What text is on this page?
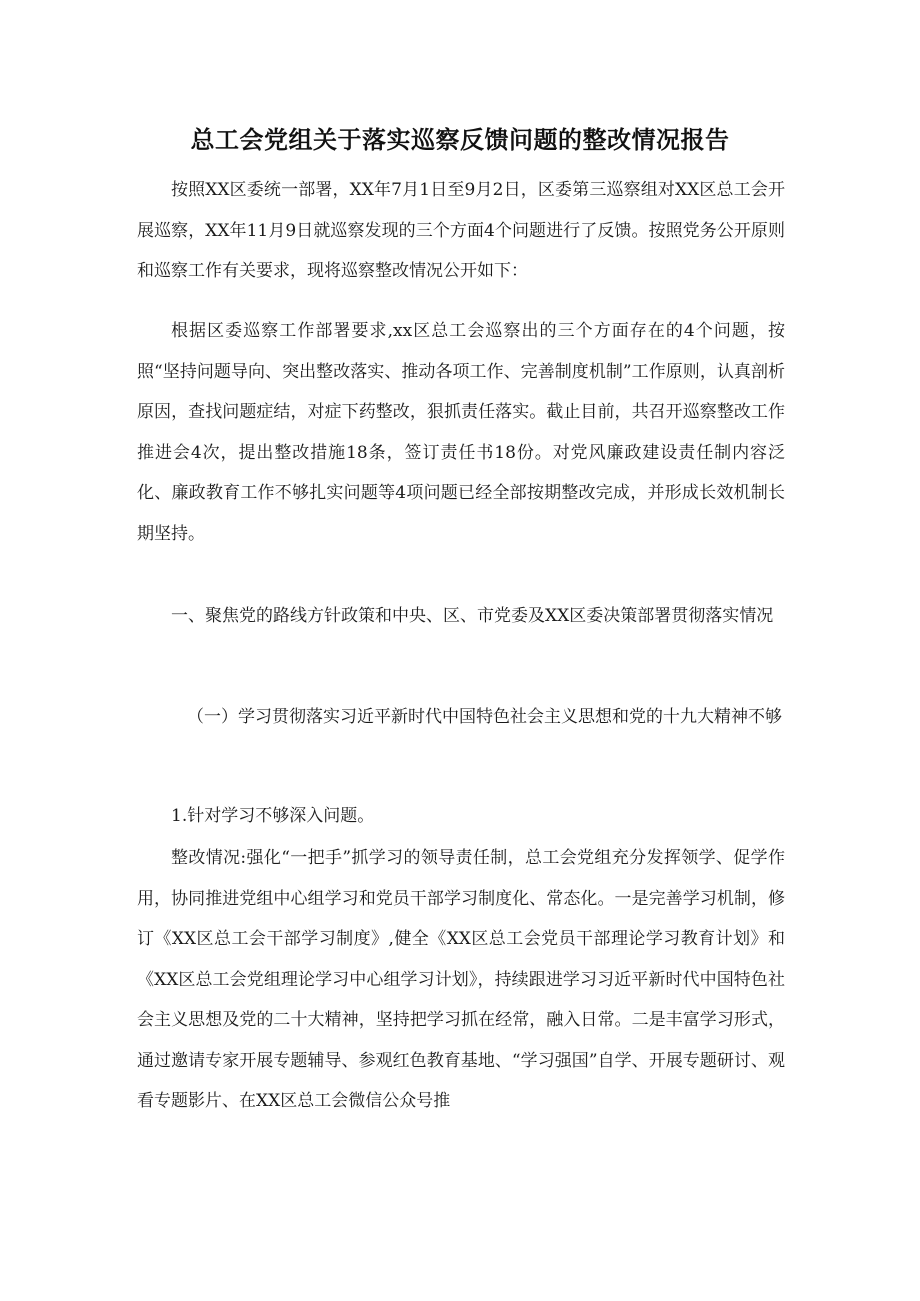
总工会党组关于落实巡察反馈问题的整改情况报告

按照XX区委统一部署，XX年7月1日至9月2日，区委第三巡察组对XX区总工会开展巡察，XX年11月9日就巡察发现的三个方面4个问题进行了反馈。按照党务公开原则和巡察工作有关要求，现将巡察整改情况公开如下：

根据区委巡察工作部署要求,xx区总工会巡察出的三个方面存在的4个问题，按照“坚持问题导向、突出整改落实、推动各项工作、完善制度机制”工作原则，认真剖析原因，查找问题症结，对症下药整改，狠抓责任落实。截止目前，共召开巡察整改工作推进会4次，提出整改措施18条，签订责任书18份。对党风廉政建设责任制内容泛化、廉政教育工作不够扎实问题等4项问题已经全部按期整改完成，并形成长效机制长期坚持。

一、聚焦党的路线方针政策和中央、区、市党委及XX区委决策部署贯彻落实情况

（一）学习贯彻落实习近平新时代中国特色社会主义思想和党的十九大精神不够

1.针对学习不够深入问题。

整改情况:强化“一把手”抓学习的领导责任制，总工会党组充分发挥领学、促学作用，协同推进党组中心组学习和党员干部学习制度化、常态化。一是完善学习机制，修订《XX区总工会干部学习制度》,健全《XX区总工会党员干部理论学习教育计划》和《XX区总工会党组理论学习中心组学习计划》，持续跟进学习习近平新时代中国特色社会主义思想及党的二十大精神，坚持把学习抓在经常，融入日常。二是丰富学习形式，通过邀请专家开展专题辅导、参观红色教育基地、“学习强国”自学、开展专题研讨、观看专题影片、在XX区总工会微信公众号推
